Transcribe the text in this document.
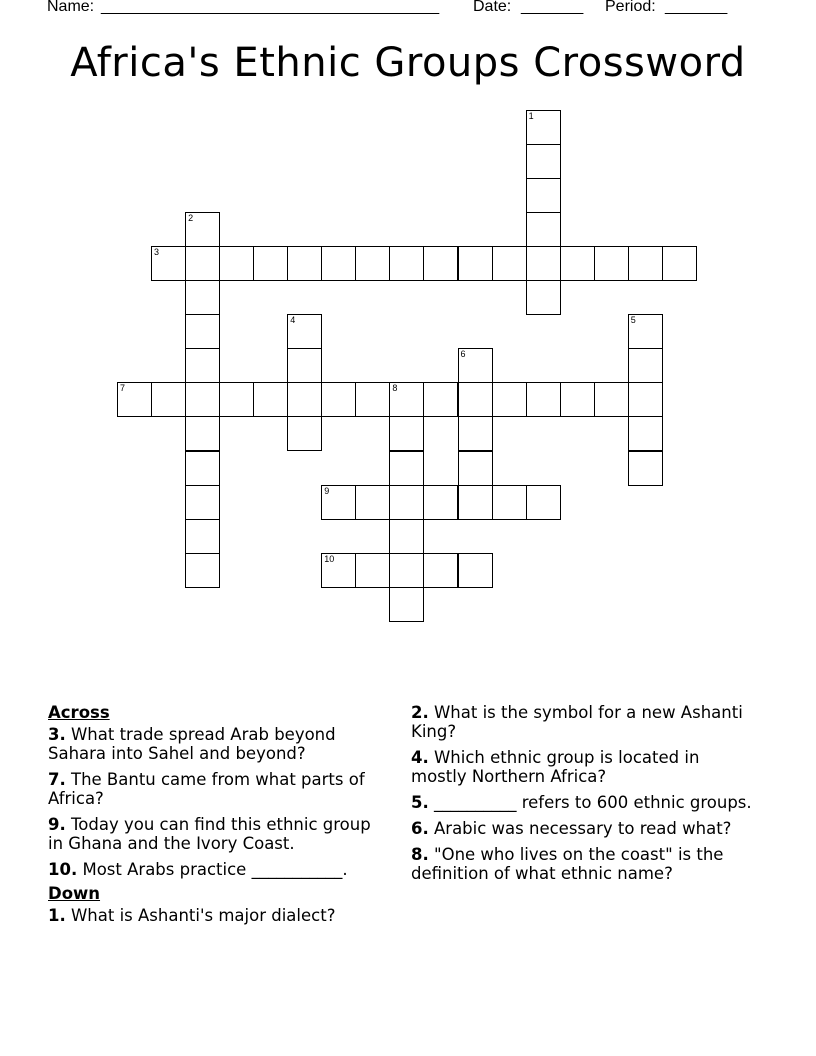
Name: ______________________________________ Date: _______ Period: _______
Africa's Ethnic Groups Crossword
1
2
3
4	5
6
7	8
9
10

Across

3. What trade spread Arab beyond Sahara into Sahel and beyond?

7. The Bantu came from what parts of Africa?

9. Today you can find this ethnic group in Ghana and the Ivory Coast.

10. Most Arabs practice ___________.

Down

1. What is Ashanti's major dialect?

2. What is the symbol for a new Ashanti King?

4. Which ethnic group is located in mostly Northern Africa?

5. __________ refers to 600 ethnic groups.

6. Arabic was necessary to read what?

8. "One who lives on the coast" is the definition of what ethnic name?
